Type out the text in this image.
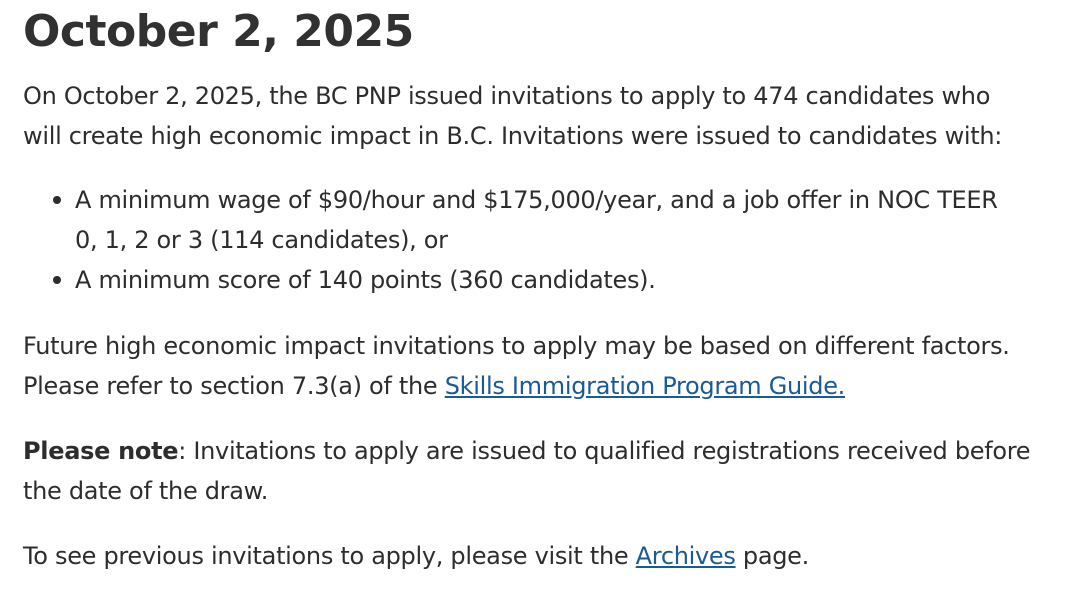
October 2, 2025

On October 2, 2025, the BC PNP issued invitations to apply to 474 candidates who
will create high economic impact in B.C. Invitations were issued to candidates with:

A minimum wage of $90/hour and $175,000/year, and a job offer in NOC TEER
0, 1, 2 or 3 (114 candidates), or
A minimum score of 140 points (360 candidates).

Future high economic impact invitations to apply may be based on different factors.
Please refer to section 7.3(a) of the Skills Immigration Program Guide.

Please note: Invitations to apply are issued to qualified registrations received before
the date of the draw.

To see previous invitations to apply, please visit the Archives page.
